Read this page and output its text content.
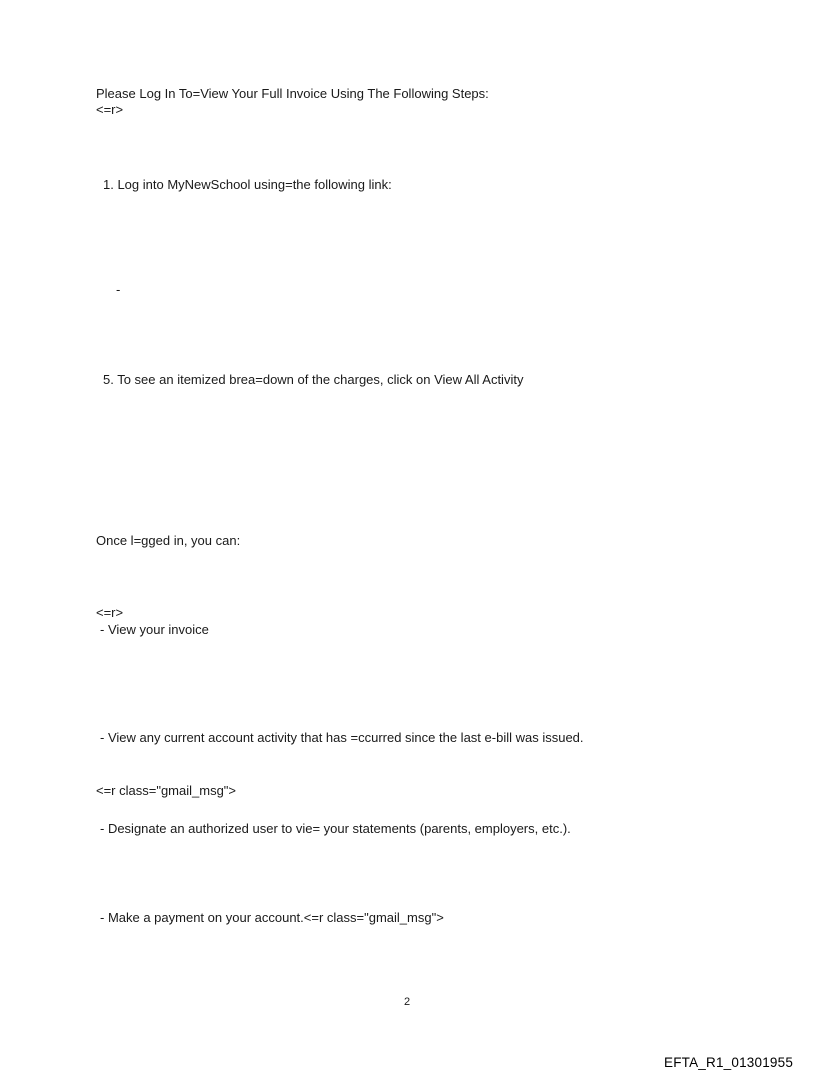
Please Log In To=View Your Full Invoice Using The Following Steps:
<=r>
1. Log into MyNewSchool using=the following link:
-
5. To see an itemized brea=down of the charges, click on View All Activity
Once l=gged in, you can:
<=r>
- View your invoice
- View any current account activity that has =ccurred since the last e-bill was issued.
<=r class="gmail_msg">
- Designate an authorized user to vie= your statements (parents, employers, etc.).
- Make a payment on your account.<=r class="gmail_msg">
2
EFTA_R1_01301955
